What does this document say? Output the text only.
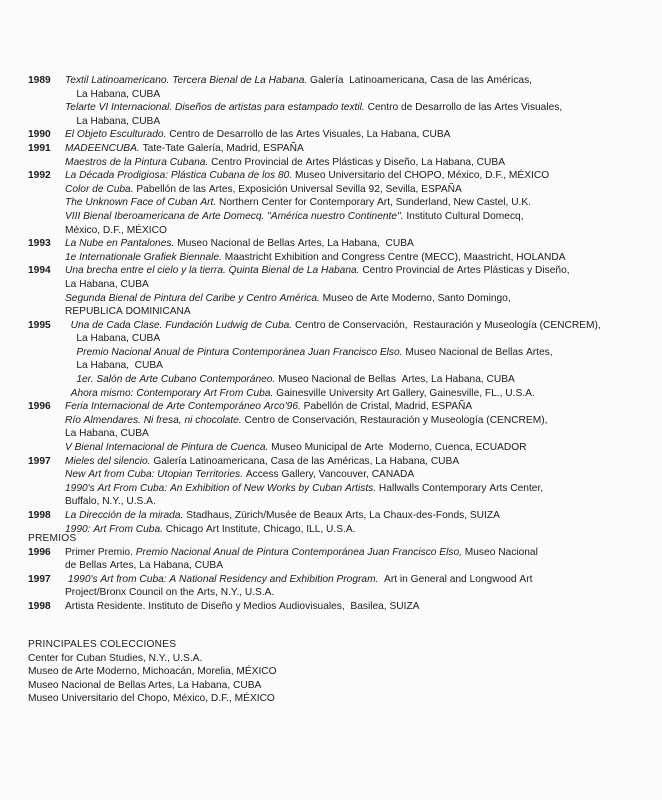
1989	Textil Latinoamericano. Tercera Bienal de La Habana. Galería  Latinoamericana, Casa de las Américas,
La Habana, CUBA
Telarte VI Internacional. Diseños de artistas para estampado textil. Centro de Desarrollo de las Artes Visuales,
La Habana, CUBA
1990	El Objeto Esculturado. Centro de Desarrollo de las Artes Visuales, La Habana, CUBA
1991	MADEENCUBA. Tate-Tate Galería, Madrid, ESPAÑA
Maestros de la Pintura Cubana. Centro Provincial de Artes Plásticas y Diseño, La Habana, CUBA
1992	La Década Prodigiosa: Plástica Cubana de los 80. Museo Universitario del CHOPO, México, D.F., MÉXICO
Color de Cuba. Pabellón de las Artes, Exposición Universal Sevilla 92, Sevilla, ESPAÑA
The Unknown Face of Cuban Art. Northern Center for Contemporary Art, Sunderland, New Castel, U.K.
VIII Bienal Iberoamericana de Arte Domecq. "América nuestro Continente". Instituto Cultural Domecq,
México, D.F., MÉXICO
1993	La Nube en Pantalones. Museo Nacional de Bellas Artes, La Habana,  CUBA
1e Internationale Grafiek Biennale. Maastricht Exhibition and Congress Centre (MECC), Maastricht, HOLANDA
1994	Una brecha entre el cielo y la tierra. Quinta Bienal de La Habana. Centro Provincial de Artes Plásticas y Diseño,
La Habana, CUBA
Segunda Bienal de Pintura del Caribe y Centro América. Museo de Arte Moderno, Santo Domingo,
REPUBLICA DOMINICANA
1995	Una de Cada Clase. Fundación Ludwig de Cuba. Centro de Conservación,  Restauración y Museología (CENCREM),
La Habana, CUBA
Premio Nacional Anual de Pintura Contemporánea Juan Francisco Elso. Museo Nacional de Bellas Artes,
La Habana,  CUBA
1er. Salón de Arte Cubano Contemporáneo. Museo Nacional de Bellas  Artes, La Habana, CUBA
Ahora mismo: Contemporary Art From Cuba. Gainesville University Art Gallery, Gainesville, FL., U.S.A.
1996	Feria Internacional de Arte Contemporáneo Arco'96. Pabellón de Cristal, Madrid, ESPAÑA
Río Almendares. Ni fresa, ni chocolate. Centro de Conservación, Restauración y Museología (CENCREM),
La Habana, CUBA
V Bienal Internacional de Pintura de Cuenca. Museo Municipal de Arte  Moderno, Cuenca, ECUADOR
1997	Mieles del silencio. Galería Latinoamericana, Casa de las Américas, La Habana, CUBA
New Art from Cuba: Utopian Territories. Access Gallery, Vancouver, CANADA
1990's Art From Cuba: An Exhibition of New Works by Cuban Artists. Hallwalls Contemporary Arts Center,
Buffalo, N.Y., U.S.A.
1998	La Dirección de la mirada. Stadhaus, Zürich/Musée de Beaux Arts, La Chaux-des-Fonds, SUIZA
1990: Art From Cuba. Chicago Art Institute, Chicago, ILL, U.S.A.
PREMIOS
1996	Primer Premio. Premio Nacional Anual de Pintura Contemporánea Juan Francisco Elso, Museo Nacional
de Bellas Artes, La Habana, CUBA
1997	1990's Art from Cuba: A National Residency and Exhibition Program.  Art in General and Longwood Art
Project/Bronx Council on the Arts, N.Y., U.S.A.
1998	Artista Residente. Instituto de Diseño y Medios Audiovisuales,  Basilea, SUIZA
PRINCIPALES COLECCIONES
Center for Cuban Studies, N.Y., U.S.A.
Museo de Arte Moderno, Michoacán, Morelia, MÉXICO
Museo Nacional de Bellas Artes, La Habana, CUBA
Museo Universitario del Chopo, México, D.F., MÉXICO
